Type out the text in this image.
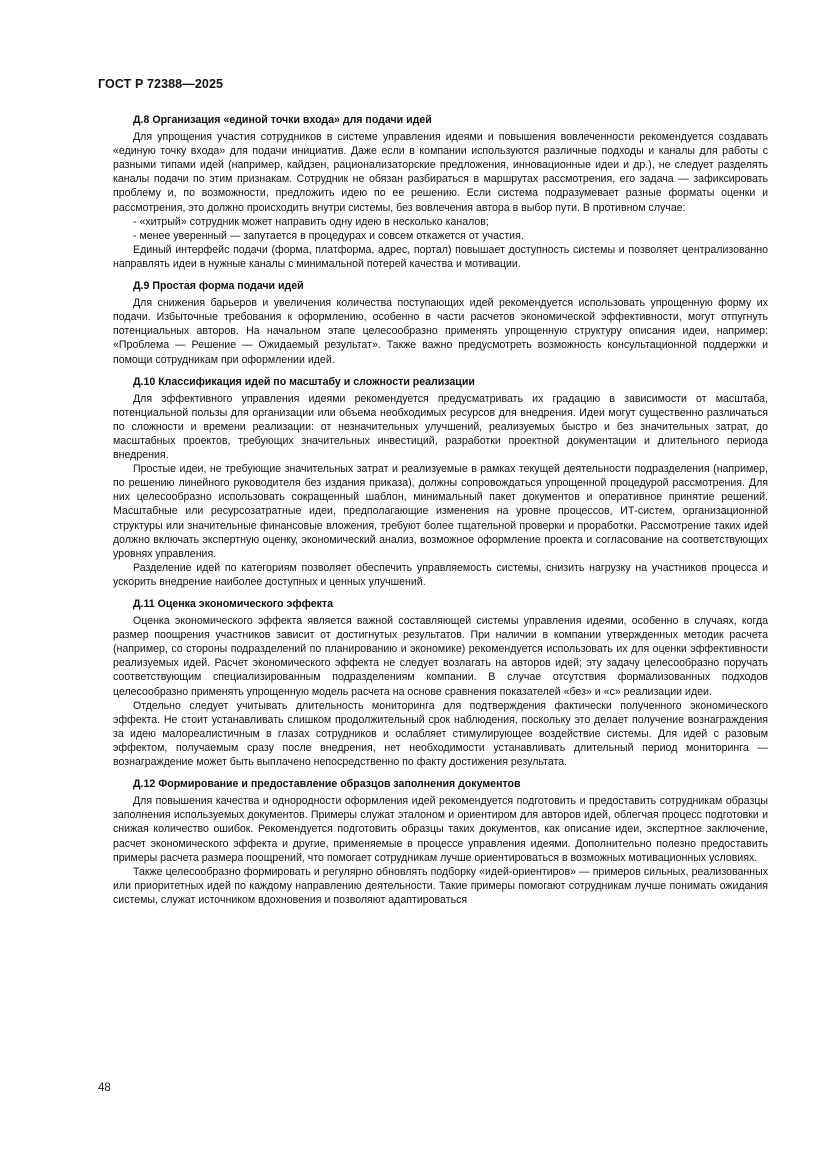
ГОСТ Р 72388—2025
Д.8 Организация «единой точки входа» для подачи идей

Для упрощения участия сотрудников в системе управления идеями и повышения вовлеченности рекомендуется создавать «единую точку входа» для подачи инициатив. Даже если в компании используются различные подходы и каналы для работы с разными типами идей (например, кайдзен, рационализаторские предложения, инновационные идеи и др.), не следует разделять каналы подачи по этим признакам. Сотрудник не обязан разбираться в маршрутах рассмотрения, его задача — зафиксировать проблему и, по возможности, предложить идею по ее решению. Если система подразумевает разные форматы оценки и рассмотрения, это должно происходить внутри системы, без вовлечения автора в выбор пути. В противном случае:

- «хитрый» сотрудник может направить одну идею в несколько каналов;

- менее уверенный — запутается в процедурах и совсем откажется от участия.

Единый интерфейс подачи (форма, платформа, адрес, портал) повышает доступность системы и позволяет централизованно направлять идеи в нужные каналы с минимальной потерей качества и мотивации.

Д.9 Простая форма подачи идей

Для снижения барьеров и увеличения количества поступающих идей рекомендуется использовать упрощенную форму их подачи. Избыточные требования к оформлению, особенно в части расчетов экономической эффективности, могут отпугнуть потенциальных авторов. На начальном этапе целесообразно применять упрощенную структуру описания идеи, например: «Проблема — Решение — Ожидаемый результат». Также важно предусмотреть возможность консультационной поддержки и помощи сотрудникам при оформлении идей.

Д.10 Классификация идей по масштабу и сложности реализации

Для эффективного управления идеями рекомендуется предусматривать их градацию в зависимости от масштаба, потенциальной пользы для организации или объема необходимых ресурсов для внедрения. Идеи могут существенно различаться по сложности и времени реализации: от незначительных улучшений, реализуемых быстро и без значительных затрат, до масштабных проектов, требующих значительных инвестиций, разработки проектной документации и длительного периода внедрения.

Простые идеи, не требующие значительных затрат и реализуемые в рамках текущей деятельности подразделения (например, по решению линейного руководителя без издания приказа), должны сопровождаться упрощенной процедурой рассмотрения. Для них целесообразно использовать сокращенный шаблон, минимальный пакет документов и оперативное принятие решений. Масштабные или ресурсозатратные идеи, предполагающие изменения на уровне процессов, ИТ-систем, организационной структуры или значительные финансовые вложения, требуют более тщательной проверки и проработки. Рассмотрение таких идей должно включать экспертную оценку, экономический анализ, возможное оформление проекта и согласование на соответствующих уровнях управления.

Разделение идей по категориям позволяет обеспечить управляемость системы, снизить нагрузку на участников процесса и ускорить внедрение наиболее доступных и ценных улучшений.

Д.11 Оценка экономического эффекта

Оценка экономического эффекта является важной составляющей системы управления идеями, особенно в случаях, когда размер поощрения участников зависит от достигнутых результатов. При наличии в компании утвержденных методик расчета (например, со стороны подразделений по планированию и экономике) рекомендуется использовать их для оценки эффективности реализуемых идей. Расчет экономического эффекта не следует возлагать на авторов идей; эту задачу целесообразно поручать соответствующим специализированным подразделениям компании. В случае отсутствия формализованных подходов целесообразно применять упрощенную модель расчета на основе сравнения показателей «без» и «с» реализации идеи.

Отдельно следует учитывать длительность мониторинга для подтверждения фактически полученного экономического эффекта. Не стоит устанавливать слишком продолжительный срок наблюдения, поскольку это делает получение вознаграждения за идею малореалистичным в глазах сотрудников и ослабляет стимулирующее воздействие системы. Для идей с разовым эффектом, получаемым сразу после внедрения, нет необходимости устанавливать длительный период мониторинга — вознаграждение может быть выплачено непосредственно по факту достижения результата.

Д.12 Формирование и предоставление образцов заполнения документов

Для повышения качества и однородности оформления идей рекомендуется подготовить и предоставить сотрудникам образцы заполнения используемых документов. Примеры служат эталоном и ориентиром для авторов идей, облегчая процесс подготовки и снижая количество ошибок. Рекомендуется подготовить образцы таких документов, как описание идеи, экспертное заключение, расчет экономического эффекта и другие, применяемые в процессе управления идеями. Дополнительно полезно предоставить примеры расчета размера поощрений, что помогает сотрудникам лучше ориентироваться в возможных мотивационных условиях.

Также целесообразно формировать и регулярно обновлять подборку «идей-ориентиров» — примеров сильных, реализованных или приоритетных идей по каждому направлению деятельности. Такие примеры помогают сотрудникам лучше понимать ожидания системы, служат источником вдохновения и позволяют адаптироваться

48
